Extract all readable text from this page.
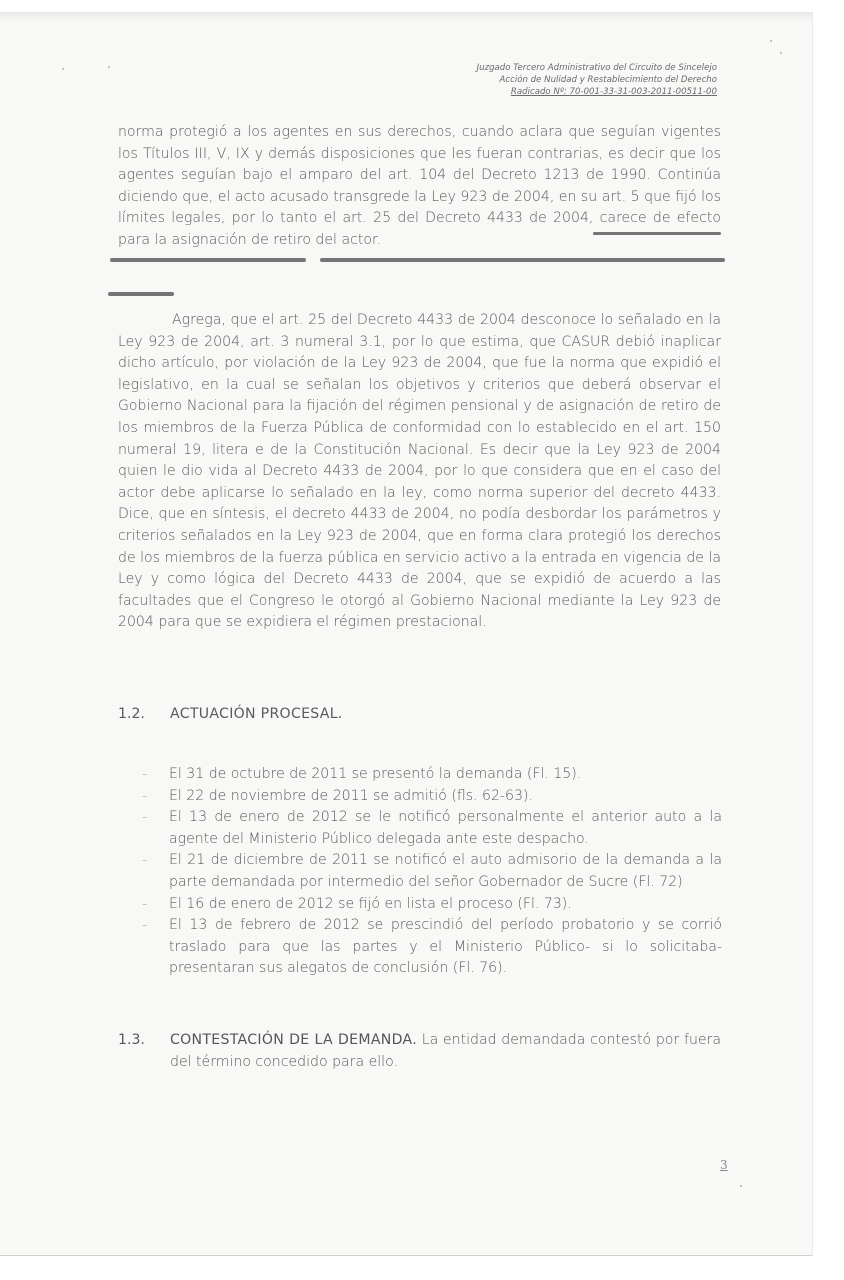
Juzgado Tercero Administrativo del Circuito de Sincelejo
Acción de Nulidad y Restablecimiento del Derecho
Radicado Nº: 70-001-33-31-003-2011-00511-00

norma protegió a los agentes en sus derechos, cuando aclara que seguían vigentes los Títulos III, V, IX y demás disposiciones que les fueran contrarias, es decir que los agentes seguían bajo el amparo del art. 104 del Decreto 1213 de 1990. Continúa diciendo que, el acto acusado transgrede la Ley 923 de 2004, en su art. 5 que fijó los límites legales, por lo tanto el art. 25 del Decreto 4433 de 2004, carece de efecto para la asignación de retiro del actor.

Agrega, que el art. 25 del Decreto 4433 de 2004 desconoce lo señalado en la Ley 923 de 2004, art. 3 numeral 3.1, por lo que estima, que CASUR debió inaplicar dicho artículo, por violación de la Ley 923 de 2004, que fue la norma que expidió el legislativo, en la cual se señalan los objetivos y criterios que deberá observar el Gobierno Nacional para la fijación del régimen pensional y de asignación de retiro de los miembros de la Fuerza Pública de conformidad con lo establecido en el art. 150 numeral 19, litera e de la Constitución Nacional. Es decir que la Ley 923 de 2004 quien le dio vida al Decreto 4433 de 2004, por lo que considera que en el caso del actor debe aplicarse lo señalado en la ley, como norma superior del decreto 4433. Dice, que en síntesis, el decreto 4433 de 2004, no podía desbordar los parámetros y criterios señalados en la Ley 923 de 2004, que en forma clara protegió los derechos de los miembros de la fuerza pública en servicio activo a la entrada en vigencia de la Ley y como lógica del Decreto 4433 de 2004, que se expidió de acuerdo a las facultades que el Congreso le otorgó al Gobierno Nacional mediante la Ley 923 de 2004 para que se expidiera el régimen prestacional.

1.2. ACTUACIÓN PROCESAL.
- El 31 de octubre de 2011 se presentó la demanda (Fl. 15).
- El 22 de noviembre de 2011 se admitió (fls. 62-63).
- El 13 de enero de 2012 se le notificó personalmente el anterior auto a la agente del Ministerio Público delegada ante este despacho.
- El 21 de diciembre de 2011 se notificó el auto admisorio de la demanda a la parte demandada por intermedio del señor Gobernador de Sucre (Fl. 72)
- El 16 de enero de 2012 se fijó en lista el proceso (Fl. 73).
- El 13 de febrero de 2012 se prescindió del período probatorio y se corrió traslado para que las partes y el Ministerio Público- si lo solicitaba- presentaran sus alegatos de conclusión (Fl. 76).
1.3.	CONTESTACIÓN DE LA DEMANDA. La entidad demandada contestó por fuera del término concedido para ello.
3
